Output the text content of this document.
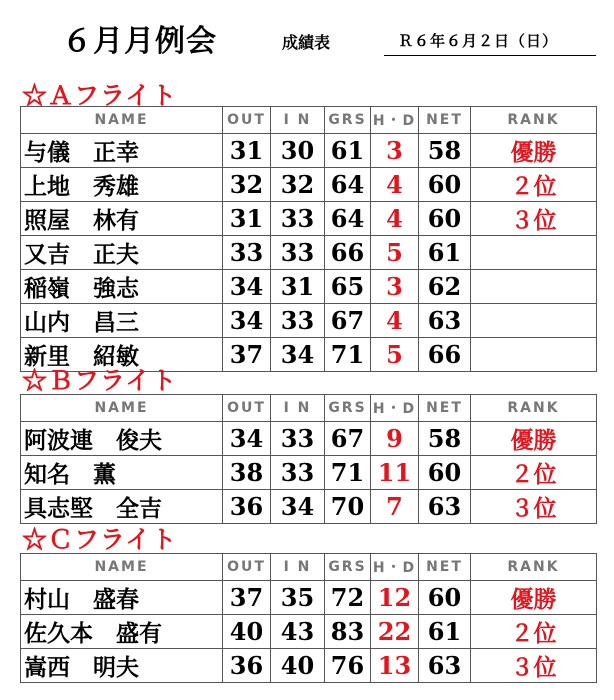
６月月例会	成績表	Ｒ６年６月２日（日）
☆Ａフライト
NAME	OUT	I N	GRS	H・D	NET	RANK
与儀　正幸	31	30	61	3	58	優勝
上地　秀雄	32	32	64	4	60	２位
照屋　林有	31	33	64	4	60	３位
又吉　正夫	33	33	66	5	61	
稲嶺　強志	34	31	65	3	62	
山内　昌三	34	33	67	4	63	
新里　紹敏	37	34	71	5	66	
☆Ｂフライト
NAME	OUT	I N	GRS	H・D	NET	RANK
阿波連　俊夫	34	33	67	9	58	優勝
知名　薫	38	33	71	11	60	２位
具志堅　全吉	36	34	70	7	63	３位
☆Ｃフライト
NAME	OUT	I N	GRS	H・D	NET	RANK
村山　盛春	37	35	72	12	60	優勝
佐久本　盛有	40	43	83	22	61	２位
嵩西　明夫	36	40	76	13	63	３位
